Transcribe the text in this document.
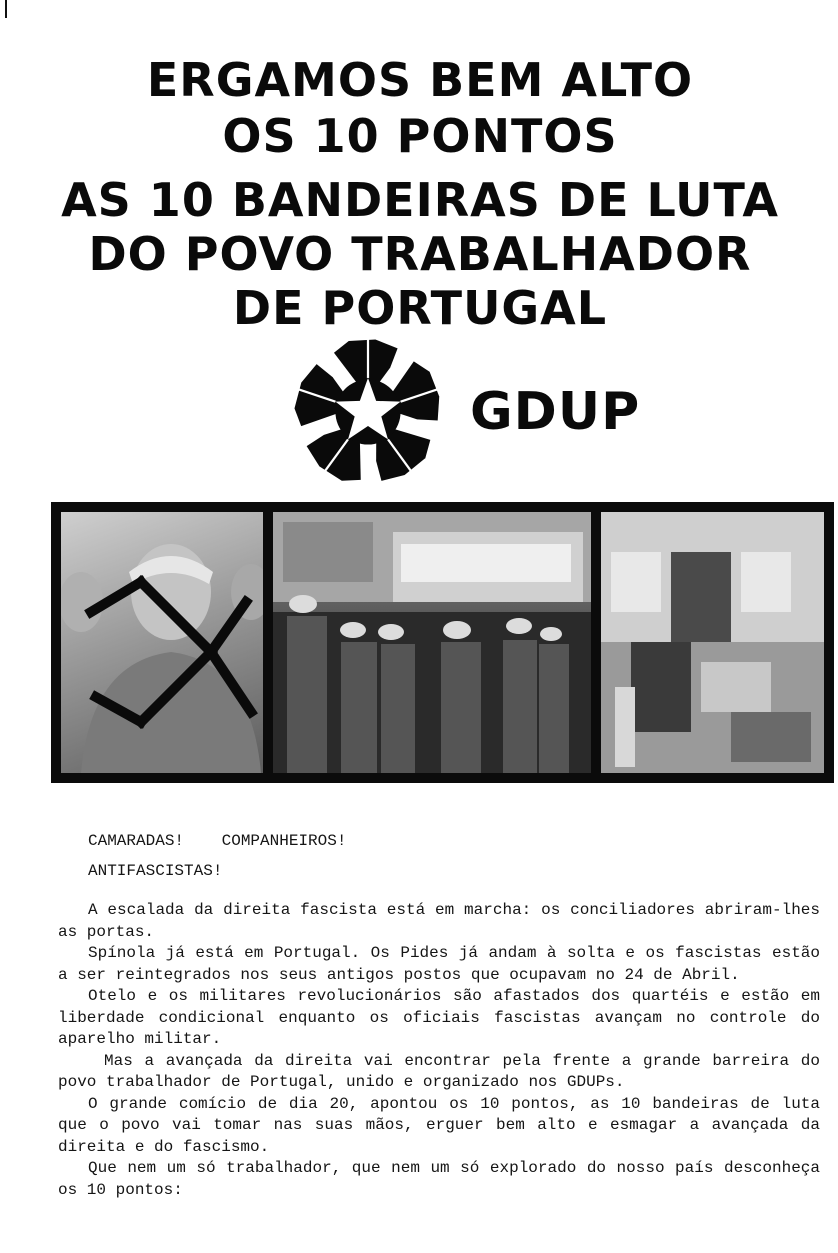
ERGAMOS BEM ALTO
OS 10 PONTOS
AS 10 BANDEIRAS DE LUTA
DO POVO TRABALHADOR
DE PORTUGAL
GDUP
CAMARADAS! COMPANHEIROS!
ANTIFASCISTAS!

A escalada da direita fascista está em marcha: os conciliadores abriram-lhes as portas.

Spínola já está em Portugal. Os Pides já andam à solta e os fascistas estão a ser reintegrados nos seus antigos postos que ocupavam no 24 de Abril.

Otelo e os militares revolucionários são afastados dos quartéis e estão em liberdade condicional enquanto os oficiais fascistas avançam no controle do aparelho militar.

Mas a avançada da direita vai encontrar pela frente a grande barreira do povo trabalhador de Portugal, unido e organizado nos GDUPs.

O grande comício de dia 20, apontou os 10 pontos, as 10 bandeiras de luta que o povo vai tomar nas suas mãos, erguer bem alto e esmagar a avançada da direita e do fascismo.

Que nem um só trabalhador, que nem um só explorado do nosso país desconheça os 10 pontos:
